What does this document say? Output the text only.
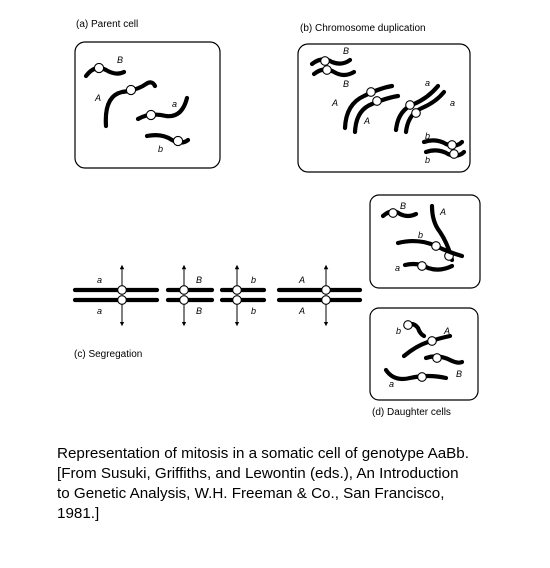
(a) Parent cell
B
A
a
b
(b) Chromosome duplication
B
B
A
A
a
a
b
b
a
a
B
B
b
b
A
A
(c) Segregation
B
A
b
a
b	A
B
a
(d) Daughter cells

Representation of mitosis in a somatic cell of genotype AaBb.
[From Susuki, Griffiths, and Lewontin (eds.), An Introduction
to Genetic Analysis, W.H. Freeman & Co., San Francisco,
1981.]
